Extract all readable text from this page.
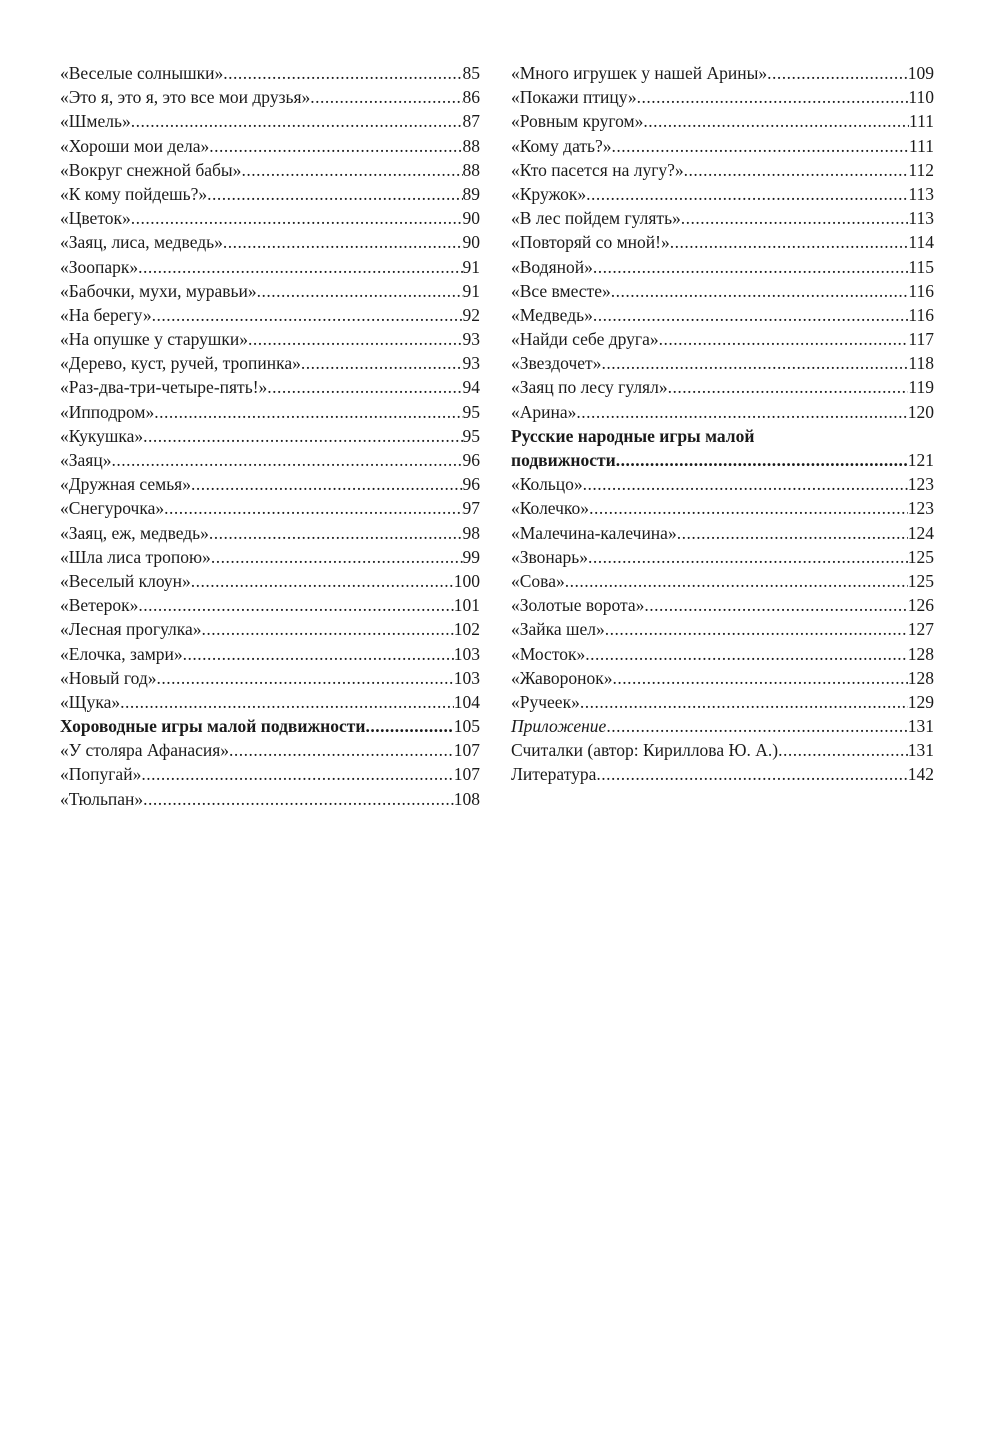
«Веселые солнышки» .....	85
«Это я, это я, это все мои друзья» .....	86
«Шмель» .....	87
«Хороши мои дела» .....	88
«Вокруг снежной бабы» .....	88
«К кому пойдешь?» .....	89
«Цветок» .....	90
«Заяц, лиса, медведь» .....	90
«Зоопарк» .....	91
«Бабочки, мухи, муравьи» .....	91
«На берегу» .....	92
«На опушке у старушки» .....	93
«Дерево, куст, ручей, тропинка» .....	93
«Раз-два-три-четыре-пять!» .....	94
«Ипподром» .....	95
«Кукушка» .....	95
«Заяц» .....	96
«Дружная семья» .....	96
«Снегурочка» .....	97
«Заяц, еж, медведь» .....	98
«Шла лиса тропою» .....	99
«Веселый клоун» .....	100
«Ветерок» .....	101
«Лесная прогулка» .....	102
«Елочка, замри» .....	103
«Новый год» .....	103
«Щука» .....	104
Хороводные игры малой подвижности .....	105
«У столяра Афанасия» .....	107
«Попугай» .....	107
«Тюльпан» .....	108
«Много игрушек у нашей Арины» .....	109
«Покажи птицу» .....	110
«Ровным кругом» .....	111
«Кому дать?» .....	111
«Кто пасется на лугу?» .....	112
«Кружок» .....	113
«В лес пойдем гулять» .....	113
«Повторяй со мной!» .....	114
«Водяной» .....	115
«Все вместе» .....	116
«Медведь» .....	116
«Найди себе друга» .....	117
«Звездочет» .....	118
«Заяц по лесу гулял» .....	119
«Арина» .....	120
Русские народные игры малой
подвижности .....	121
«Кольцо» .....	123
«Колечко» .....	123
«Малечина-калечина» .....	124
«Звонарь» .....	125
«Сова» .....	125
«Золотые ворота» .....	126
«Зайка шел» .....	127
«Мосток» .....	128
«Жаворонок» .....	128
«Ручеек» .....	129
Приложение .....	131
Считалки (автор: Кириллова Ю. А.) .....	131
Литература .....	142
